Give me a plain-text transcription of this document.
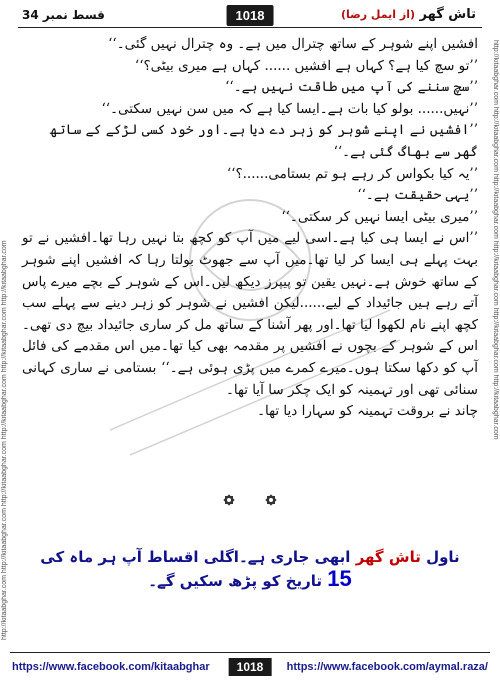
http://kitaabghar.com http://kitaabghar.com http://kitaabghar.com http://kitaabghar.com http://kitaabghar.com http://kitaabghar.com
http://kitaabghar.com http://kitaabghar.com http://kitaabghar.com http://kitaabghar.com http://kitaabghar.com http://kitaabghar.com
قسط نمبر 34	1018	تاش گھر (از ایمل رضا)

افشیں اپنے شوہر کے ساتھ چترال میں ہے۔ وہ چترال نہیں گئی۔‘‘

’’تو سچ کیا ہے؟ کہاں ہے افشیں ...... کہاں ہے میری بیٹی؟‘‘

’’سچ سننے کی آپ میں طاقت نہیں ہے۔‘‘

’’نہیں...... بولو کیا بات ہے۔ایسا کیا ہے کہ میں سن نہیں سکتی۔‘‘

’’افشیں نے اپنے شوہر کو زہر دے دیا ہے۔اور خود کسی لڑکے کے ساتھ گھر سے بھاگ گئی ہے۔‘‘

’’یہ کیا بکواس کر رہے ہو تم بستامی......؟‘‘

’’یہی حقیقت ہے۔‘‘

’’میری بیٹی ایسا نہیں کر سکتی۔‘‘

’’اس نے ایسا ہی کیا ہے۔اسی لیے میں آپ کو کچھ بتا نہیں رہا تھا۔افشیں نے تو بہت پہلے ہی ایسا کر لیا تھا۔میں آپ سے جھوٹ بولتا رہا کہ افشیں اپنے شوہر کے ساتھ خوش ہے۔نہیں یقین تو پیپرز دیکھ لیں۔اس کے شوہر کے بچے میرے پاس آتے رہے ہیں جائیداد کے لیے......لیکن افشیں نے شوہر کو زہر دینے سے پہلے سب کچھ اپنے نام لکھوا لیا تھا۔اور پھر آشنا کے ساتھ مل کر ساری جائیداد بیچ دی تھی۔اس کے شوہر کے بچوں نے افشیں پر مقدمہ بھی کیا تھا۔میں اس مقدمے کی فائل آپ کو دکھا سکتا ہوں۔میرے کمرے میں پڑی ہوئی ہے۔‘‘ بستامی نے ساری کہانی سنائی تھی اور تہمینہ کو ایک چکر سا آیا تھا۔

چاند نے بروقت تہمینہ کو سہارا دیا تھا۔

ناول تاش گھر ابھی جاری ہے۔اگلی اقساط آپ ہر ماہ کی 15 تاریخ کو پڑھ سکیں گے۔
https://www.facebook.com/kitaabghar	1018	https://www.facebook.com/aymal.raza/
